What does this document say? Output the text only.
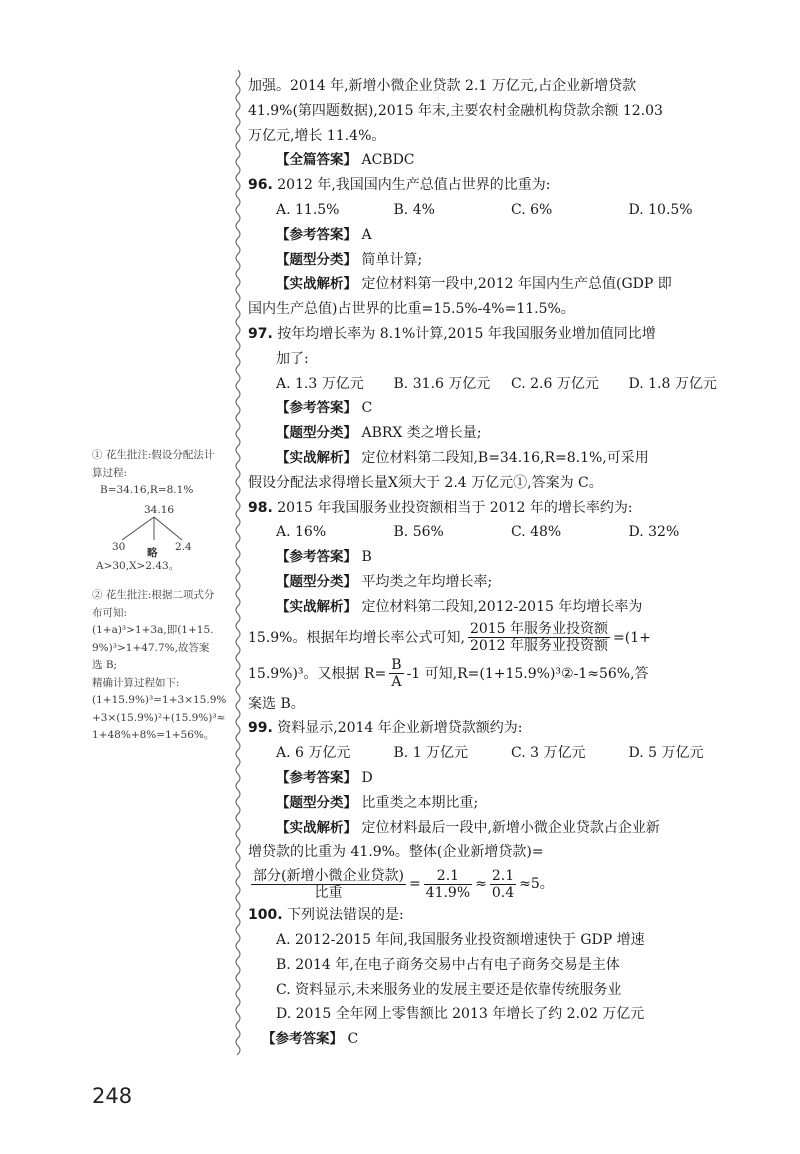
① 花生批注:假设分配法计

算过程:

B=34.16,R=8.1%

34.16
30	2.4
略

A>30,X>2.43。

② 花生批注:根据二项式分

布可知:

(1+a)³>1+3a,即(1+15.

9%)³>1+47.7%,故答案

选 B;

精确计算过程如下:

(1+15.9%)³=1+3×15.9%

+3×(15.9%)²+(15.9%)³≈

1+48%+8%=1+56%。

加强。2014 年,新增小微企业贷款 2.1 万亿元,占企业新增贷款

41.9%(第四题数据),2015 年末,主要农村金融机构贷款余额 12.03

万亿元,增长 11.4%。

【全篇答案】 ACBDC

96. 2012 年,我国国内生产总值占世界的比重为:

A. 11.5%	B. 4%	C. 6%	D. 10.5%

【参考答案】 A

【题型分类】 简单计算;

【实战解析】 定位材料第一段中,2012 年国内生产总值(GDP 即

国内生产总值)占世界的比重=15.5%-4%=11.5%。

97. 按年均增长率为 8.1%计算,2015 年我国服务业增加值同比增

加了:

A. 1.3 万亿元	B. 31.6 万亿元	C. 2.6 万亿元	D. 1.8 万亿元

【参考答案】 C

【题型分类】 ABRX 类之增长量;

【实战解析】 定位材料第二段知,B=34.16,R=8.1%,可采用

假设分配法求得增长量X须大于 2.4 万亿元①,答案为 C。

98. 2015 年我国服务业投资额相当于 2012 年的增长率约为:

A. 16%	B. 56%	C. 48%	D. 32%

【参考答案】 B

【题型分类】 平均类之年均增长率;

【实战解析】 定位材料第二段知,2012-2015 年均增长率为

15.9%。根据年均增长率公式可知, $\frac{\text{2015 年服务业投资额}}{\text{2012 年服务业投资额}} =(1+$

15.9%)³。又根据 $R= \frac{B}{A} -1$ 可知,R=(1+15.9%)³②-1≈56%,答

案选 B。

99. 资料显示,2014 年企业新增贷款额约为:

A. 6 万亿元	B. 1 万亿元	C. 3 万亿元	D. 5 万亿元

【参考答案】 D

【题型分类】 比重类之本期比重;

【实战解析】 定位材料最后一段中,新增小微企业贷款占企业新

增贷款的比重为 41.9%。整体(企业新增贷款)=

$\frac{\text{部分(新增小微企业贷款)}}{\text{比重}} = \frac{2.1}{41.9\%} \approx \frac{2.1}{0.4} \approx 5$。

100. 下列说法错误的是:

A. 2012-2015 年间,我国服务业投资额增速快于 GDP 增速

B. 2014 年,在电子商务交易中占有电子商务交易是主体

C. 资料显示,未来服务业的发展主要还是依靠传统服务业

D. 2015 全年网上零售额比 2013 年增长了约 2.02 万亿元

【参考答案】 C

248
